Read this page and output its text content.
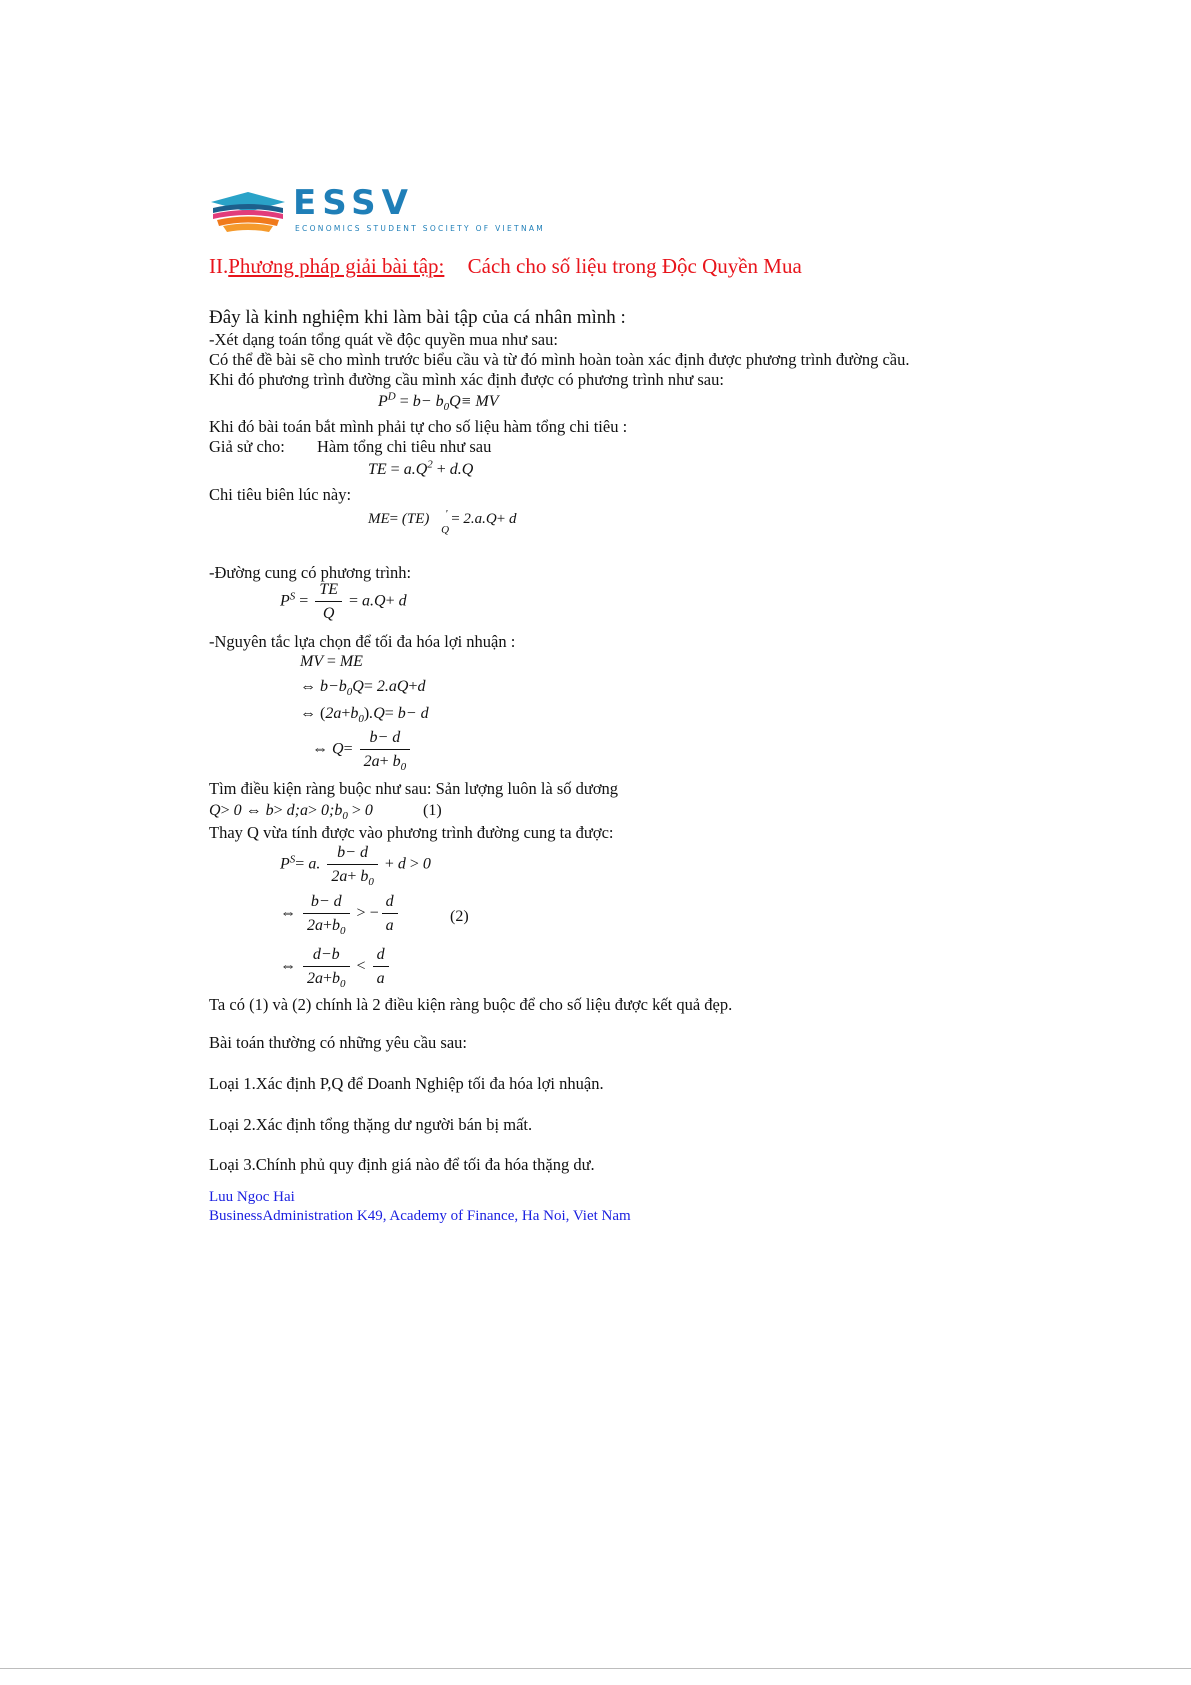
ESSV
ECONOMICS STUDENT SOCIETY OF VIETNAM
II.Phương pháp giải bài tập: Cách cho số liệu trong Độc Quyền Mua
Đây là kinh nghiệm khi làm bài tập của cá nhân mình :
-Xét dạng toán tổng quát về độc quyền mua như sau:
Có thể đề bài sẽ cho mình trước biểu cầu và từ đó mình hoàn toàn xác định được phương trình đường cầu.
Khi đó phương trình đường cầu mình xác định được có phương trình như sau:
$P^D = b- b_0Q\equiv$ MV
Khi đó bài toán bắt mình phải tự cho số liệu hàm tổng chi tiêu :
Giả sử cho: Hàm tổng chi tiêu như sau
TE = $a.Q^2 + d.Q$
Chi tiêu biên lúc này:
ME= (TE) $_Q$' = 2.a.Q+ d
-Đường cung có phương trình:
$P^S = \frac{TE}{Q} = a.Q+ d$
-Nguyên tắc lựa chọn để tối đa hóa lợi nhuận :
MV = ME
⇔ $b-b_0Q= 2.aQ+d$
⇔ $(2a+b_0).Q= b- d$
⇔ $Q= \frac{b- d}{2a+ b_0}$
Tìm điều kiện ràng buộc như sau: Sản lượng luôn là số dương
Q> 0 ⇔ b> d;a> $0;b_0 > 0$	(1)
Thay Q vừa tính được vào phương trình đường cung ta được:
$P^S= a$. $\frac{b- d}{2a+ b_0} + d > 0$
⇔ $\frac{b- d}{2a+b_0}$ > − $\frac{d}{a}$	(2)
⇔ $\frac{d-b}{2a+b_0} < \frac{d}{a}$
Ta có (1) và (2) chính là 2 điều kiện ràng buộc để cho số liệu được kết quả đẹp.
Bài toán thường có những yêu cầu sau:
Loại 1.Xác định P,Q để Doanh Nghiệp tối đa hóa lợi nhuận.
Loại 2.Xác định tổng thặng dư người bán bị mất.
Loại 3.Chính phủ quy định giá nào để tối đa hóa thặng dư.
Luu Ngoc Hai
BusinessAdministration K49, Academy of Finance, Ha Noi, Viet Nam
